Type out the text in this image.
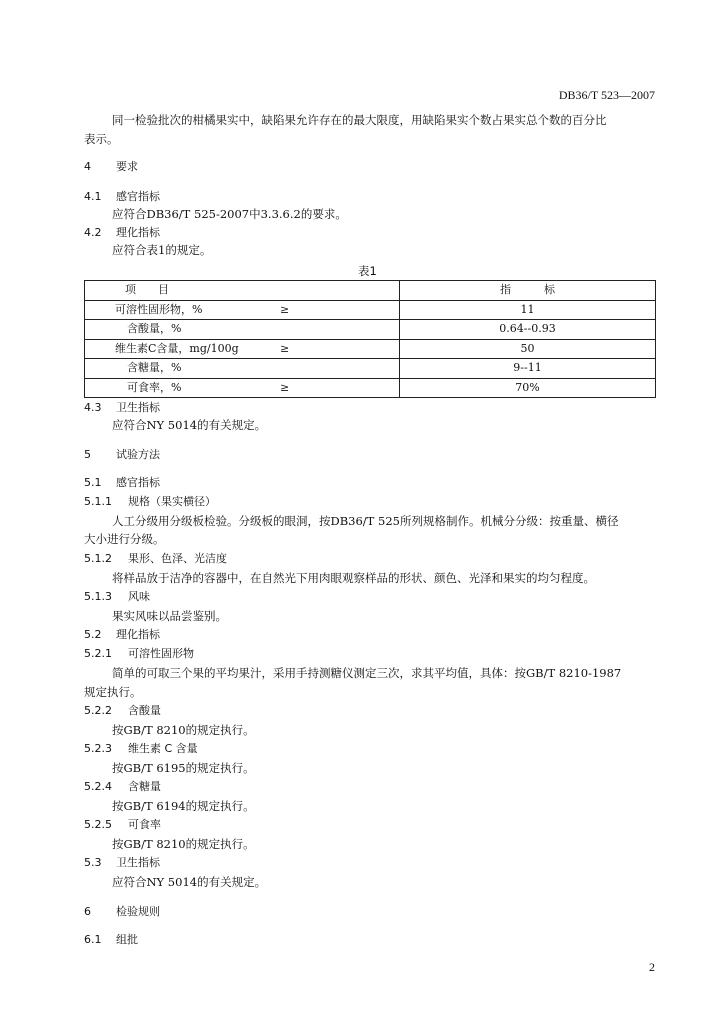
DB36/T 523—2007
同一检验批次的柑橘果实中，缺陷果允许存在的最大限度，用缺陷果实个数占果实总个数的百分比
表示。
4 要求
4.1 感官指标
应符合DB36/T 525-2007中3.3.6.2的要求。
4.2 理化指标
应符合表1的规定。
表1
项　　目	指　　　标

可溶性固形物，% ≥	11

含酸量，%	0.64--0.93

维生素C含量，mg/100g ≥	50

含糖量，%	9--11

可食率，% ≥	70%
4.3 卫生指标
应符合NY 5014的有关规定。
5 试验方法
5.1 感官指标
5.1.1 规格（果实横径）
人工分级用分级板检验。分级板的眼洞，按DB36/T 525所列规格制作。机械分分级：按重量、横径
大小进行分级。
5.1.2 果形、色泽、光洁度
将样品放于洁净的容器中，在自然光下用肉眼观察样品的形状、颜色、光泽和果实的均匀程度。
5.1.3 风味
果实风味以品尝鉴别。
5.2 理化指标
5.2.1 可溶性固形物
简单的可取三个果的平均果汁，采用手持测糖仪测定三次，求其平均值，具体：按GB/T 8210-1987
规定执行。
5.2.2 含酸量
按GB/T 8210的规定执行。
5.2.3 维生素 C 含量
按GB/T 6195的规定执行。
5.2.4 含糖量
按GB/T 6194的规定执行。
5.2.5 可食率
按GB/T 8210的规定执行。
5.3 卫生指标
应符合NY 5014的有关规定。
6 检验规则
6.1 组批
2
